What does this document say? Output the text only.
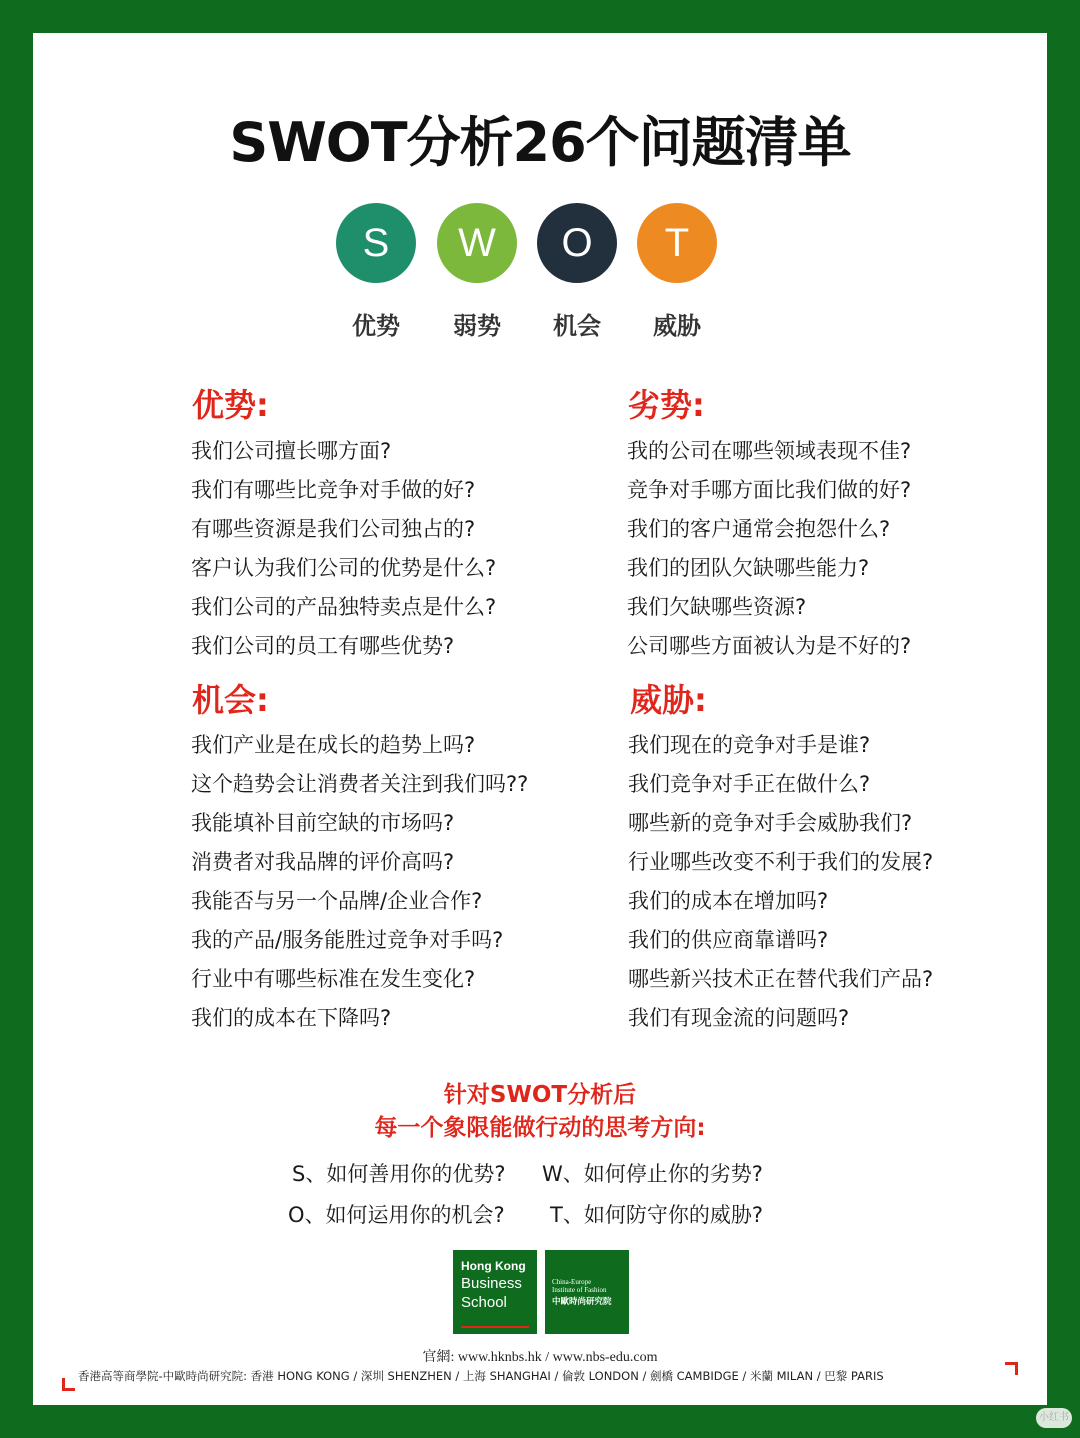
SWOT分析26个问题清单
S	W	O	T
优势	弱势	机会	威胁
优势:
我们公司擅长哪方面?
我们有哪些比竞争对手做的好?
有哪些资源是我们公司独占的?
客户认为我们公司的优势是什么?
我们公司的产品独特卖点是什么?
我们公司的员工有哪些优势?
劣势:
我的公司在哪些领域表现不佳?
竞争对手哪方面比我们做的好?
我们的客户通常会抱怨什么?
我们的团队欠缺哪些能力?
我们欠缺哪些资源?
公司哪些方面被认为是不好的?
机会:
我们产业是在成长的趋势上吗?
这个趋势会让消费者关注到我们吗??
我能填补目前空缺的市场吗?
消费者对我品牌的评价高吗?
我能否与另一个品牌/企业合作?
我的产品/服务能胜过竞争对手吗?
行业中有哪些标准在发生变化?
我们的成本在下降吗?
威胁:
我们现在的竞争对手是谁?
我们竞争对手正在做什么?
哪些新的竞争对手会威胁我们?
行业哪些改变不利于我们的发展?
我们的成本在增加吗?
我们的供应商靠谱吗?
哪些新兴技术正在替代我们产品?
我们有现金流的问题吗?
针对SWOT分析后
每一个象限能做行动的思考方向:
S、如何善用你的优势? W、如何停止你的劣势?
O、如何运用你的机会? T、如何防守你的威胁?
Hong Kong
Business
School
China-Europe
Institute of Fashion
中歐時尚研究院
官網: www.hknbs.hk / www.nbs-edu.com
香港高等商學院-中歐時尚研究院: 香港 HONG KONG / 深圳 SHENZHEN / 上海 SHANGHAI / 倫敦 LONDON / 劍橋 CAMBIDGE / 米蘭 MILAN / 巴黎 PARIS
小红书
